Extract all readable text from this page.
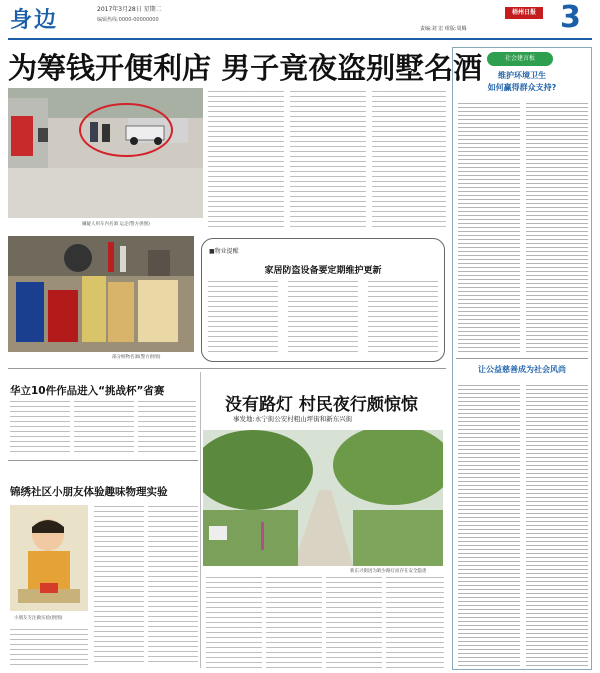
身边	2017年3月28日 星期二
编辑热线:0000-00000000
责编:刘 宏 组版:周腾
梧州日报 3
为筹钱开便利店 男子竟夜盗别墅名酒
嫌疑人用车内名酒 运走(警方供图)
部分赃物名酒(警方供图)
■物业提醒
家居防盗设备要定期维护更新
华立10件作品进入“挑战杯”省赛
锦绣社区小朋友体验趣味物理实验
小朋友专注做实验(供图)
没有路灯 村民夜行颇惊惊
事发地:永宁街公安村粗山坪街和新东兴街
新东兴街因为缺少路灯而存在安全隐患
社会建言板
维护环境卫生
如何赢得群众支持?
让公益慈善成为社会风尚
